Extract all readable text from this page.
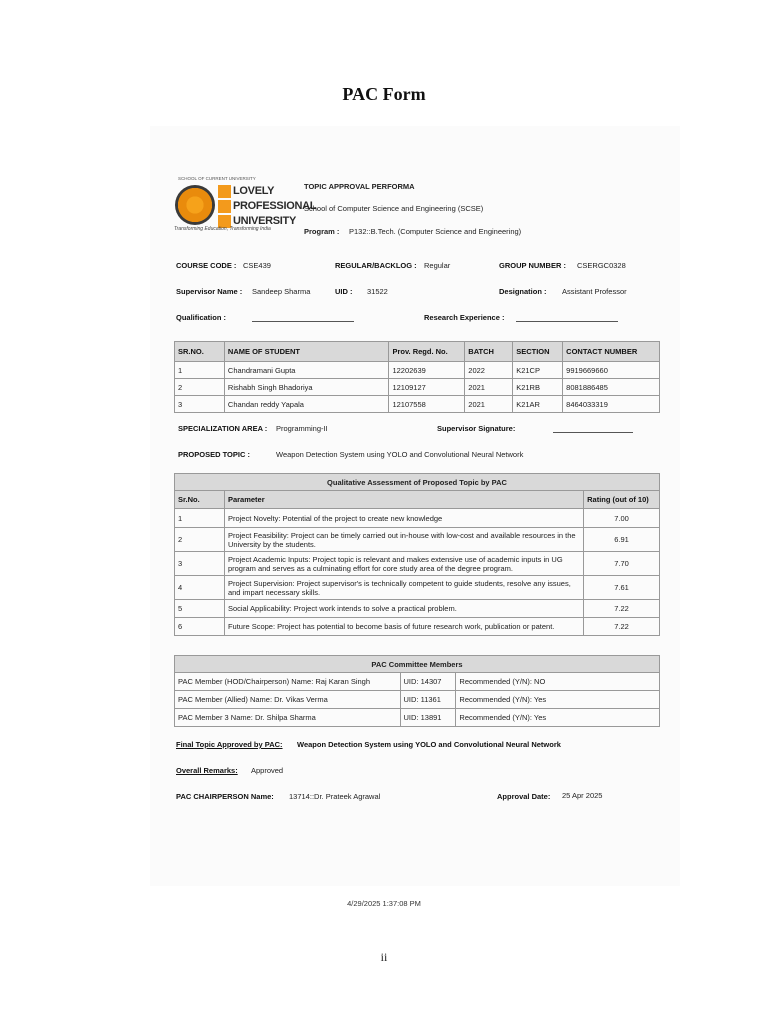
PAC Form
SCHOOL OF CURRENT UNIVERSITY
LOVELY
PROFESSIONAL
UNIVERSITY
Transforming Education, Transforming India
TOPIC APPROVAL PERFORMA
School of Computer Science and Engineering (SCSE)
Program : P132::B.Tech. (Computer Science and Engineering)
COURSE CODE : CSE439	REGULAR/BACKLOG : Regular	GROUP NUMBER : CSERGC0328
Supervisor Name : Sandeep Sharma	UID : 31522	Designation : Assistant Professor
Qualification :	Research Experience :
SR.NO.	NAME OF STUDENT	Prov. Regd. No.	BATCH	SECTION	CONTACT NUMBER
1	Chandramani Gupta	12202639	2022	K21CP	9919669660
2	Rishabh Singh Bhadoriya	12109127	2021	K21RB	8081886485
3	Chandan reddy Yapala	12107558	2021	K21AR	8464033319
SPECIALIZATION AREA : Programming-II	Supervisor Signature:
PROPOSED TOPIC :	Weapon Detection System using YOLO and Convolutional Neural Network
Qualitative Assessment of Proposed Topic by PAC		
Sr.No.	Parameter	Rating (out of 10)
1	Project Novelty: Potential of the project to create new knowledge	7.00
2	Project Feasibility: Project can be timely carried out in-house with low-cost and available resources in the University by the students.	6.91
3	Project Academic Inputs: Project topic is relevant and makes extensive use of academic inputs in UG program and serves as a culminating effort for core study area of the degree program.	7.70
4	Project Supervision: Project supervisor's is technically competent to guide students, resolve any issues, and impart necessary skills.	7.61
5	Social Applicability: Project work intends to solve a practical problem.	7.22
6	Future Scope: Project has potential to become basis of future research work, publication or patent.	7.22
PAC Committee Members		
PAC Member (HOD/Chairperson) Name: Raj Karan Singh	UID: 14307	Recommended (Y/N): NO
PAC Member (Allied) Name: Dr. Vikas Verma	UID: 11361	Recommended (Y/N): Yes
PAC Member 3 Name: Dr. Shilpa Sharma	UID: 13891	Recommended (Y/N): Yes
Final Topic Approved by PAC: Weapon Detection System using YOLO and Convolutional Neural Network
Overall Remarks: Approved
PAC CHAIRPERSON Name: 13714::Dr. Prateek Agrawal	Approval Date: 25 Apr 2025
4/29/2025 1:37:08 PM
ii
